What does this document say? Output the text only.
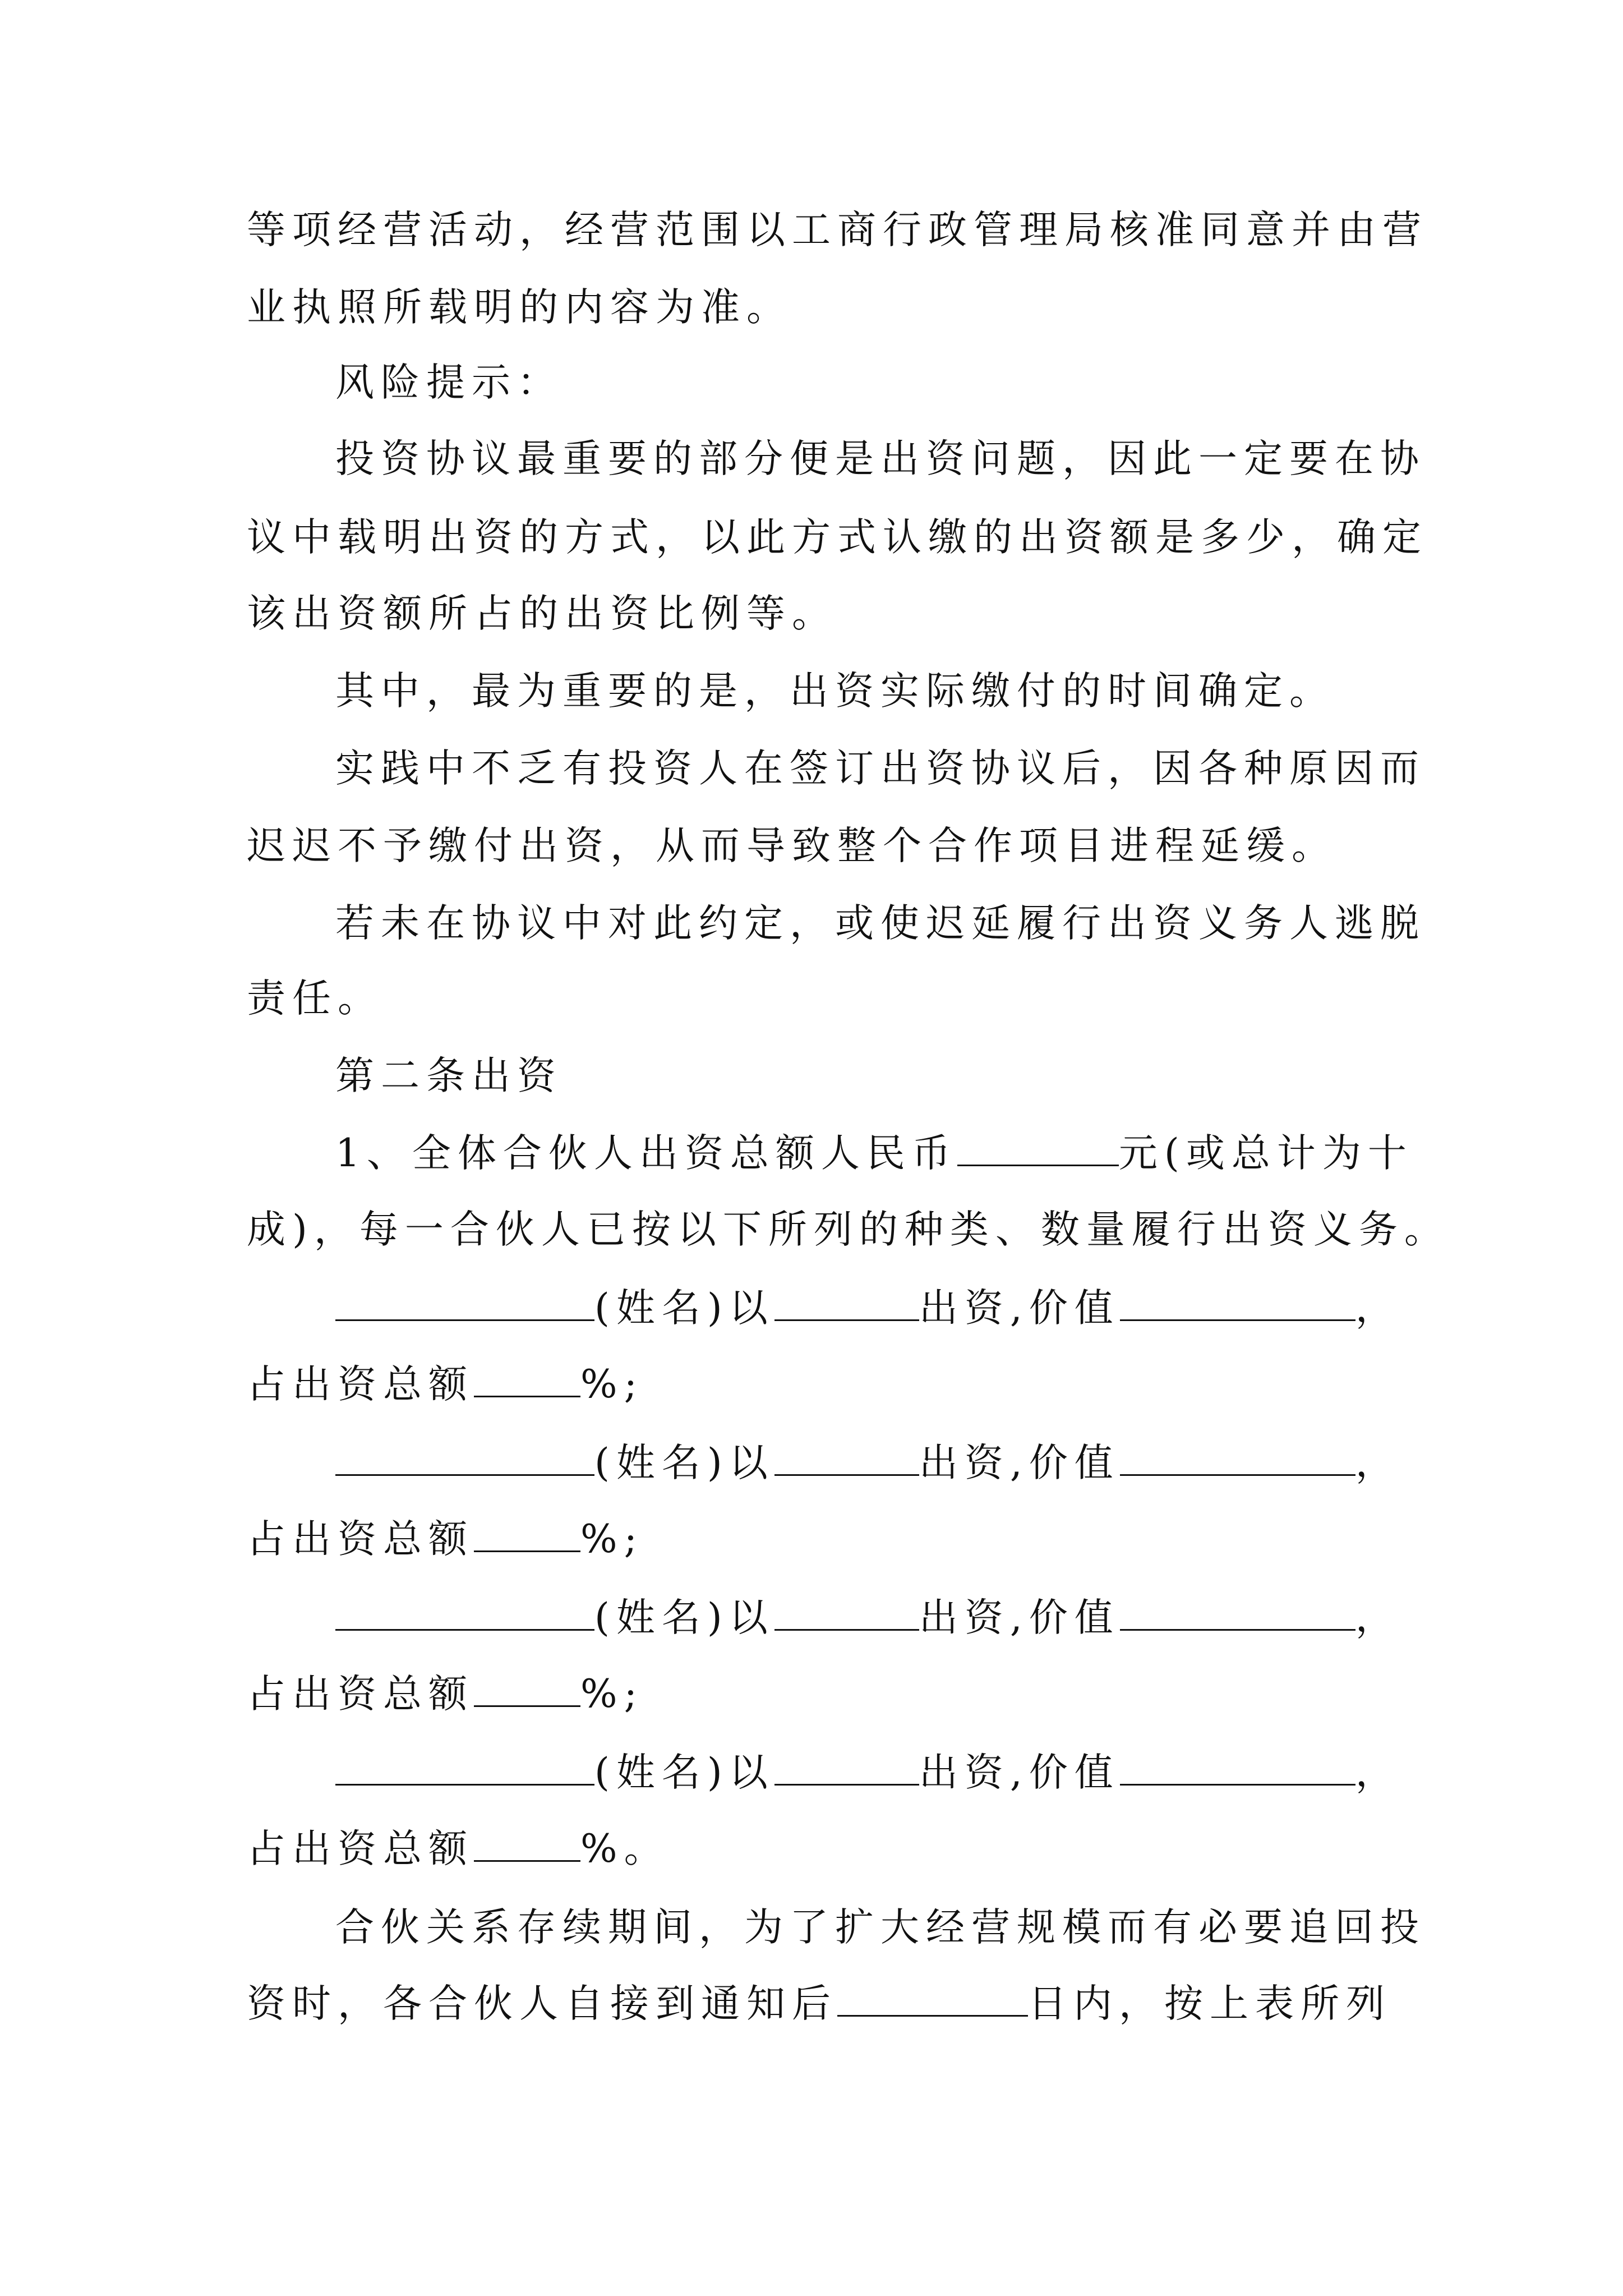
等项经营活动，经营范围以工商行政管理局核准同意并由营
业执照所载明的内容为准。
风险提示：
投资协议最重要的部分便是出资问题，因此一定要在协
议中载明出资的方式，以此方式认缴的出资额是多少，确定
该出资额所占的出资比例等。
其中，最为重要的是，出资实际缴付的时间确定。
实践中不乏有投资人在签订出资协议后，因各种原因而
迟迟不予缴付出资，从而导致整个合作项目进程延缓。
若未在协议中对此约定，或使迟延履行出资义务人逃脱
责任。
第二条出资
1、全体合伙人出资总额人民币	元(或总计为十
成)，每一合伙人已按以下所列的种类、数量履行出资义务。
(姓名)以	出资,价值	，
占出资总额	%;
(姓名)以	出资,价值	，
占出资总额	%;
(姓名)以	出资,价值	，
占出资总额	%;
(姓名)以	出资,价值	，
占出资总额	%。
合伙关系存续期间，为了扩大经营规模而有必要追回投
资时，各合伙人自接到通知后	日内，按上表所列
